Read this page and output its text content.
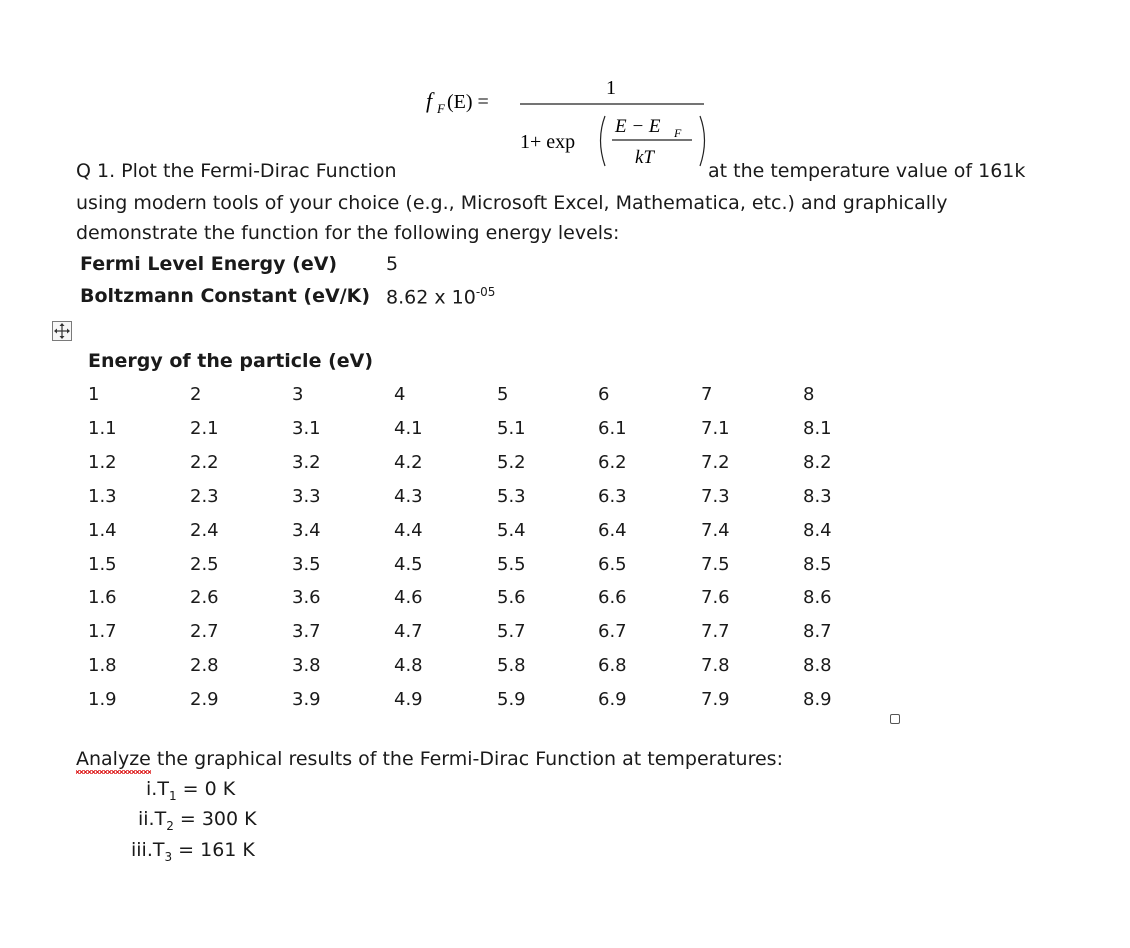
f F (E) =
1
1+ exp
E − E F
kT
Q 1. Plot the Fermi-Dirac Function	at the temperature value of 161k
using modern tools of your choice (e.g., Microsoft Excel, Mathematica, etc.) and graphically
demonstrate the function for the following energy levels:
Fermi Level Energy (eV)	5
Boltzmann Constant (eV/K) 8.62 x $10^{-05}$
Energy of the particle (eV)
1
1.1
1.2
1.3
1.4
1.5
1.6
1.7
1.8
1.9
2
2.1
2.2
2.3
2.4
2.5
2.6
2.7
2.8
2.9
3
3.1
3.2
3.3
3.4
3.5
3.6
3.7
3.8
3.9
4
4.1
4.2
4.3
4.4
4.5
4.6
4.7
4.8
4.9
5
5.1
5.2
5.3
5.4
5.5
5.6
5.7
5.8
5.9
6
6.1
6.2
6.3
6.4
6.5
6.6
6.7
6.8
6.9
7
7.1
7.2
7.3
7.4
7.5
7.6
7.7
7.8
7.9
8
8.1
8.2
8.3
8.4
8.5
8.6
8.7
8.8
8.9
Analyze the graphical results of the Fermi-Dirac Function at temperatures:
$i.T_1 = 0$ K
$ii.T_2 = 300$ K
$iii.T_3 = 161$ K
